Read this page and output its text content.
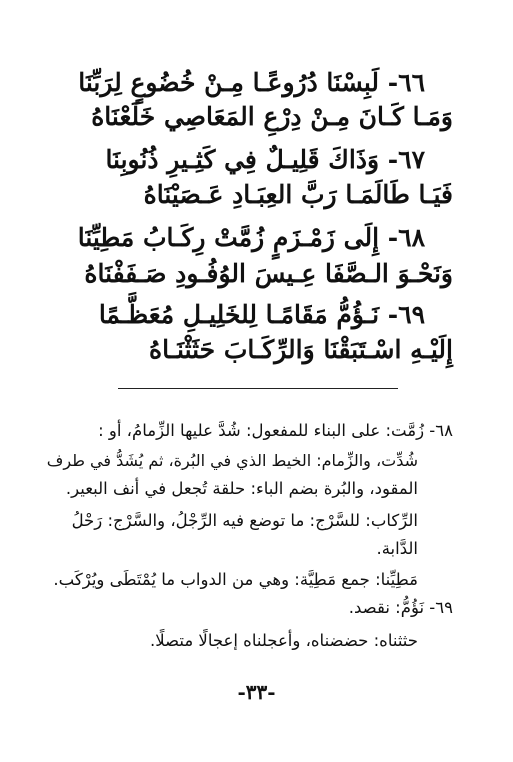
٦٦- لَبِسْنَا دُرُوعًـا مِـنْ خُضُوعٍ لِرَبِّنَا
وَمَـا كَـانَ مِـنْ دِرْعِ المَعَاصِي خَلَعْنَاهُ
٦٧- وَذَاكَ قَلِيـلٌ فِي كَثِـيرِ ذُنُوبِنَا
فَيَـا طَالَمَـا رَبَّ العِبَـادِ عَـصَيْنَاهُ
٦٨- إِلَى زَمْـزَمٍ زُمَّتْ رِكَـابُ مَطِيِّنَا
وَنَحْـوَ الـصَّفَا عِـيسَ الوُفُـودِ صَـفَفْنَاهُ
٦٩- نَـؤُمُّ مَقَامًـا لِلخَلِيـلِ مُعَظَّـمًا
إِلَيْـهِ اسْـتَبَقْنَا وَالرِّكَـابَ حَثَثْنَـاهُ
٦٨- زُمَّت: على البناء للمفعول: شُدَّ عليها الزِّمامُ، أو :
شُدِّت، والزِّمام: الخيط الذي في البُرة، ثم يُشَدُّ في طرف
المقود، والبُرة بضم الباء: حلقة تُجعل في أنف البعير.
الرِّكاب: للسَّرْج: ما توضع فيه الرِّجْلُ، والسَّرْج: رَحْلُ
الدَّابة.
مَطِيِّنا: جمع مَطِيَّة: وهي من الدواب ما يُمْتَطَى ويُرْكَب.
٦٩- نَؤُمُّ: نقصد.
حثثناه: حضضناه، وأعجلناه إعجالًا متصلًا.
-٣٣-
